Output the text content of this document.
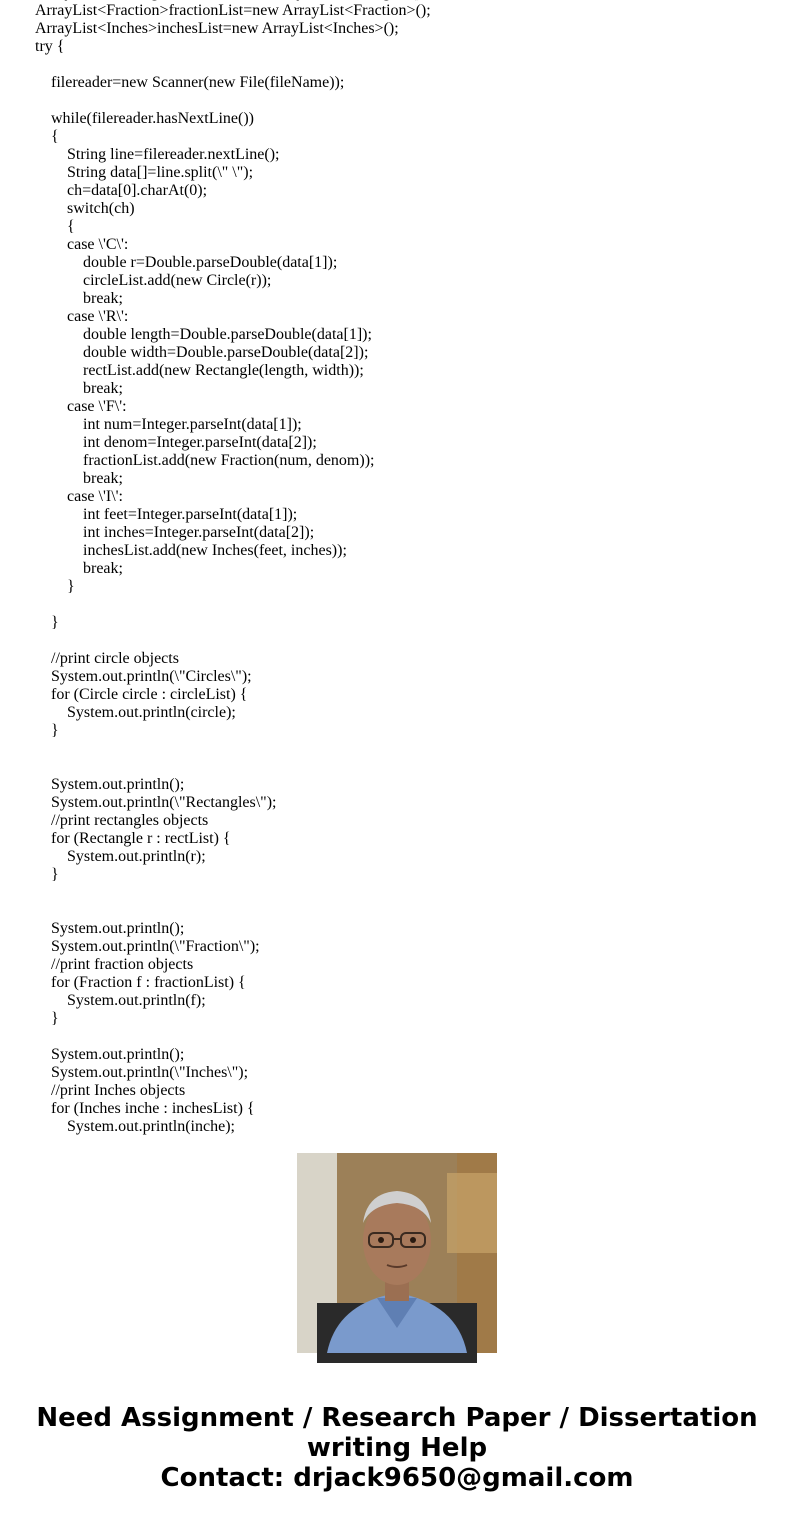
ArrayList<Fraction>fractionList=new ArrayList<Fraction>();
ArrayList<Inches>inchesList=new ArrayList<Inches>();
try {
filereader=new Scanner(new File(fileName));
while(filereader.hasNextLine())
{
String line=filereader.nextLine();
String data[]=line.split(\" \");
ch=data[0].charAt(0);
switch(ch)
{
case \'C\':
double r=Double.parseDouble(data[1]);
circleList.add(new Circle(r));
break;
case \'R\':
double length=Double.parseDouble(data[1]);
double width=Double.parseDouble(data[2]);
rectList.add(new Rectangle(length, width));
break;
case \'F\':
int num=Integer.parseInt(data[1]);
int denom=Integer.parseInt(data[2]);
fractionList.add(new Fraction(num, denom));
break;
case \'I\':
int feet=Integer.parseInt(data[1]);
int inches=Integer.parseInt(data[2]);
inchesList.add(new Inches(feet, inches));
break;
}
}
//print circle objects
System.out.println(\"Circles\");
for (Circle circle : circleList) {
System.out.println(circle);
}
System.out.println();
System.out.println(\"Rectangles\");
//print rectangles objects
for (Rectangle r : rectList) {
System.out.println(r);
}
System.out.println();
System.out.println(\"Fraction\");
//print fraction objects
for (Fraction f : fractionList) {
System.out.println(f);
}
System.out.println();
System.out.println(\"Inches\");
//print Inches objects
for (Inches inche : inchesList) {
System.out.println(inche);
Need Assignment / Research Paper / Dissertation
writing Help
Contact: drjack9650@gmail.com
